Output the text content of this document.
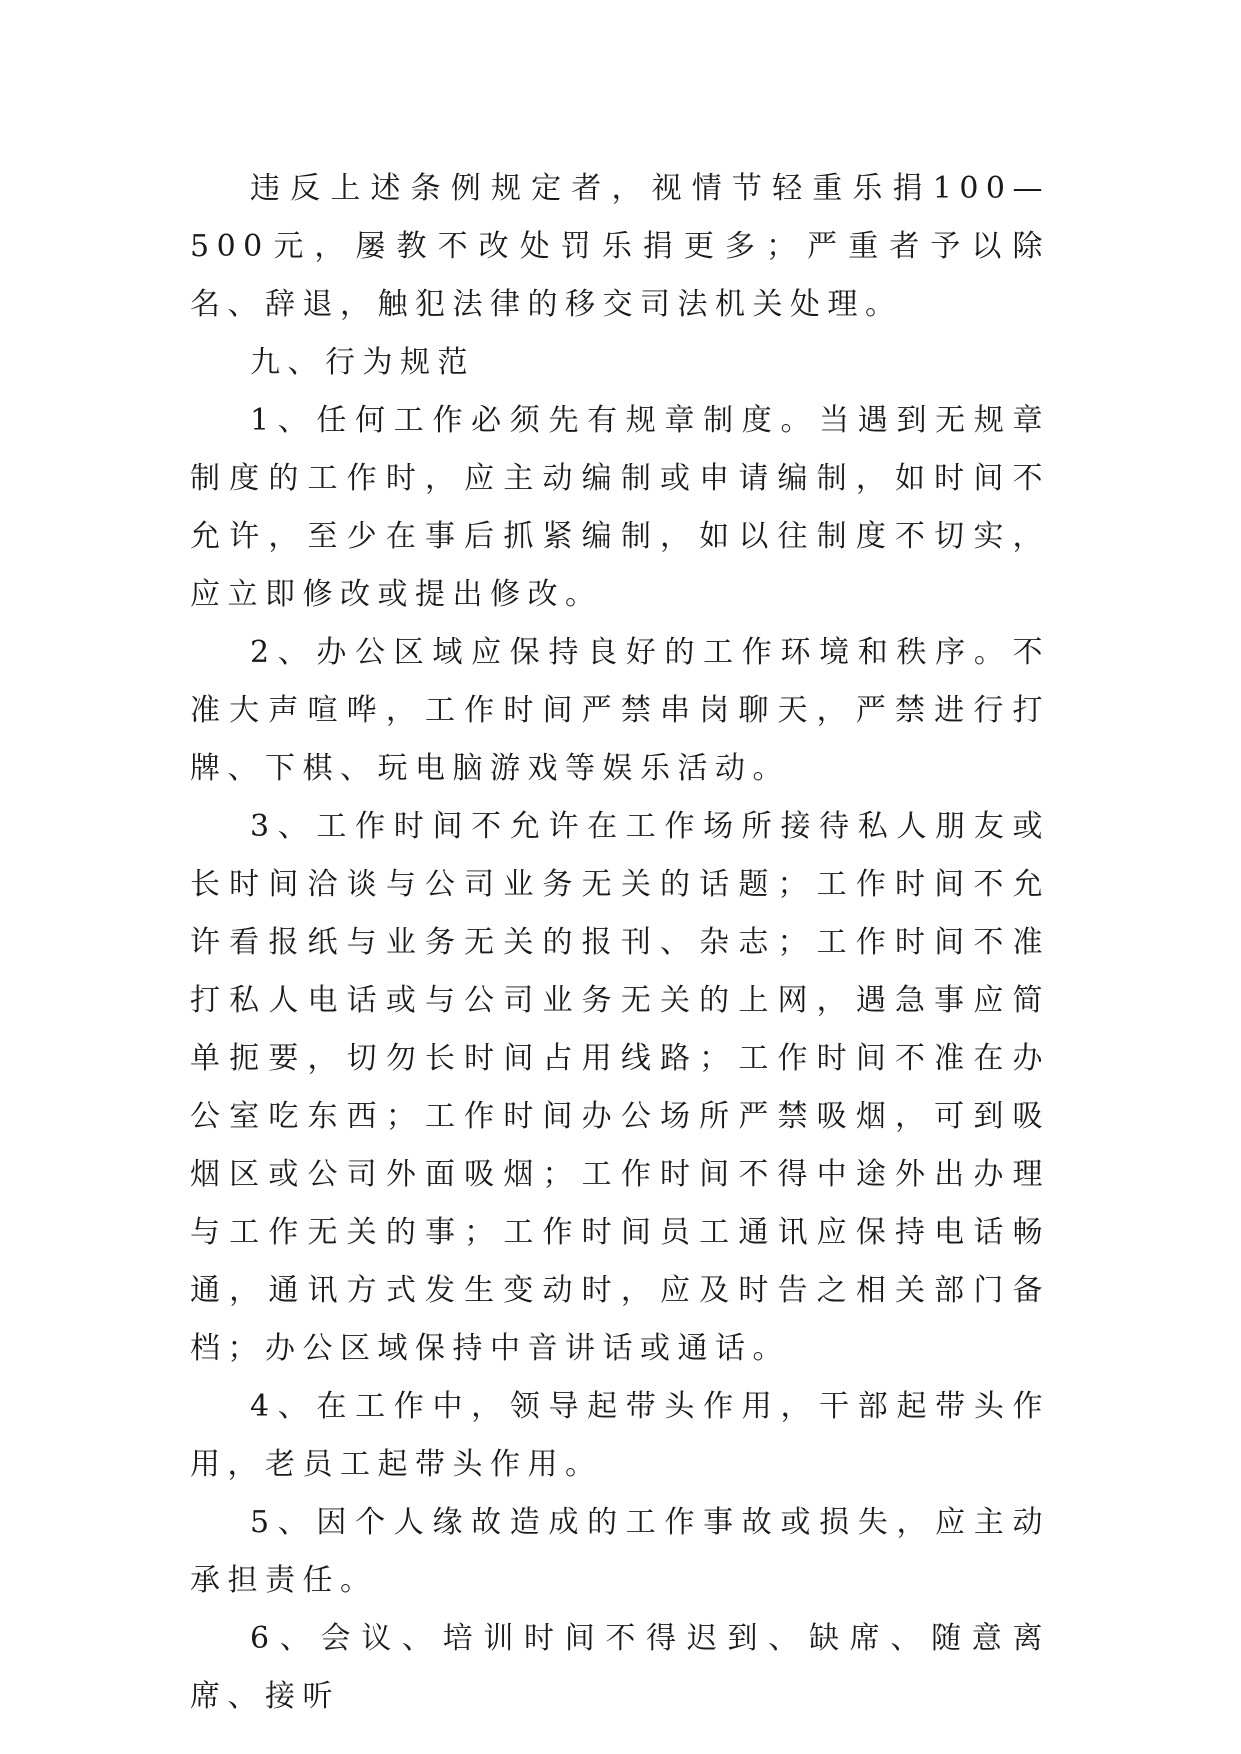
违反上述条例规定者，视情节轻重乐捐100—500元，屡教不改处罚乐捐更多；严重者予以除名、辞退，触犯法律的移交司法机关处理。

九、行为规范

1、任何工作必须先有规章制度。当遇到无规章制度的工作时，应主动编制或申请编制，如时间不允许，至少在事后抓紧编制，如以往制度不切实，应立即修改或提出修改。

2、办公区域应保持良好的工作环境和秩序。不准大声喧哗，工作时间严禁串岗聊天，严禁进行打牌、下棋、玩电脑游戏等娱乐活动。

3、工作时间不允许在工作场所接待私人朋友或长时间洽谈与公司业务无关的话题；工作时间不允许看报纸与业务无关的报刊、杂志；工作时间不准打私人电话或与公司业务无关的上网，遇急事应简单扼要，切勿长时间占用线路；工作时间不准在办公室吃东西；工作时间办公场所严禁吸烟，可到吸烟区或公司外面吸烟；工作时间不得中途外出办理与工作无关的事；工作时间员工通讯应保持电话畅通，通讯方式发生变动时，应及时告之相关部门备档；办公区域保持中音讲话或通话。

4、在工作中，领导起带头作用，干部起带头作用，老员工起带头作用。

5、因个人缘故造成的工作事故或损失，应主动承担责任。

6、会议、培训时间不得迟到、缺席、随意离席、接听
